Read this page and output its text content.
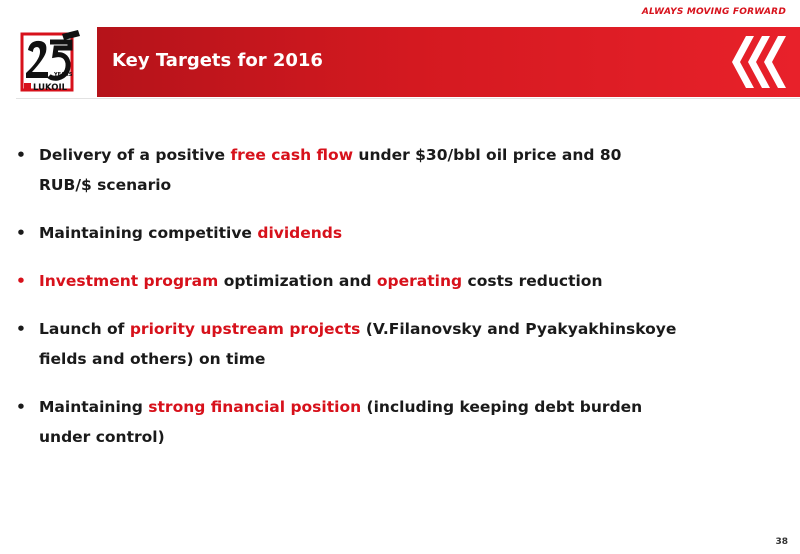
ALWAYS MOVING FORWARD
YEARS
LUKOIL
Key Targets for 2016
• Delivery of a positive free cash flow under $30/bbl oil price and 80
RUB/$ scenario
• Maintaining competitive dividends
• Investment program optimization and operating costs reduction
• Launch of priority upstream projects (V.Filanovsky and Pyakyakhinskoye
fields and others) on time
• Maintaining strong financial position (including keeping debt burden
under control)
38
